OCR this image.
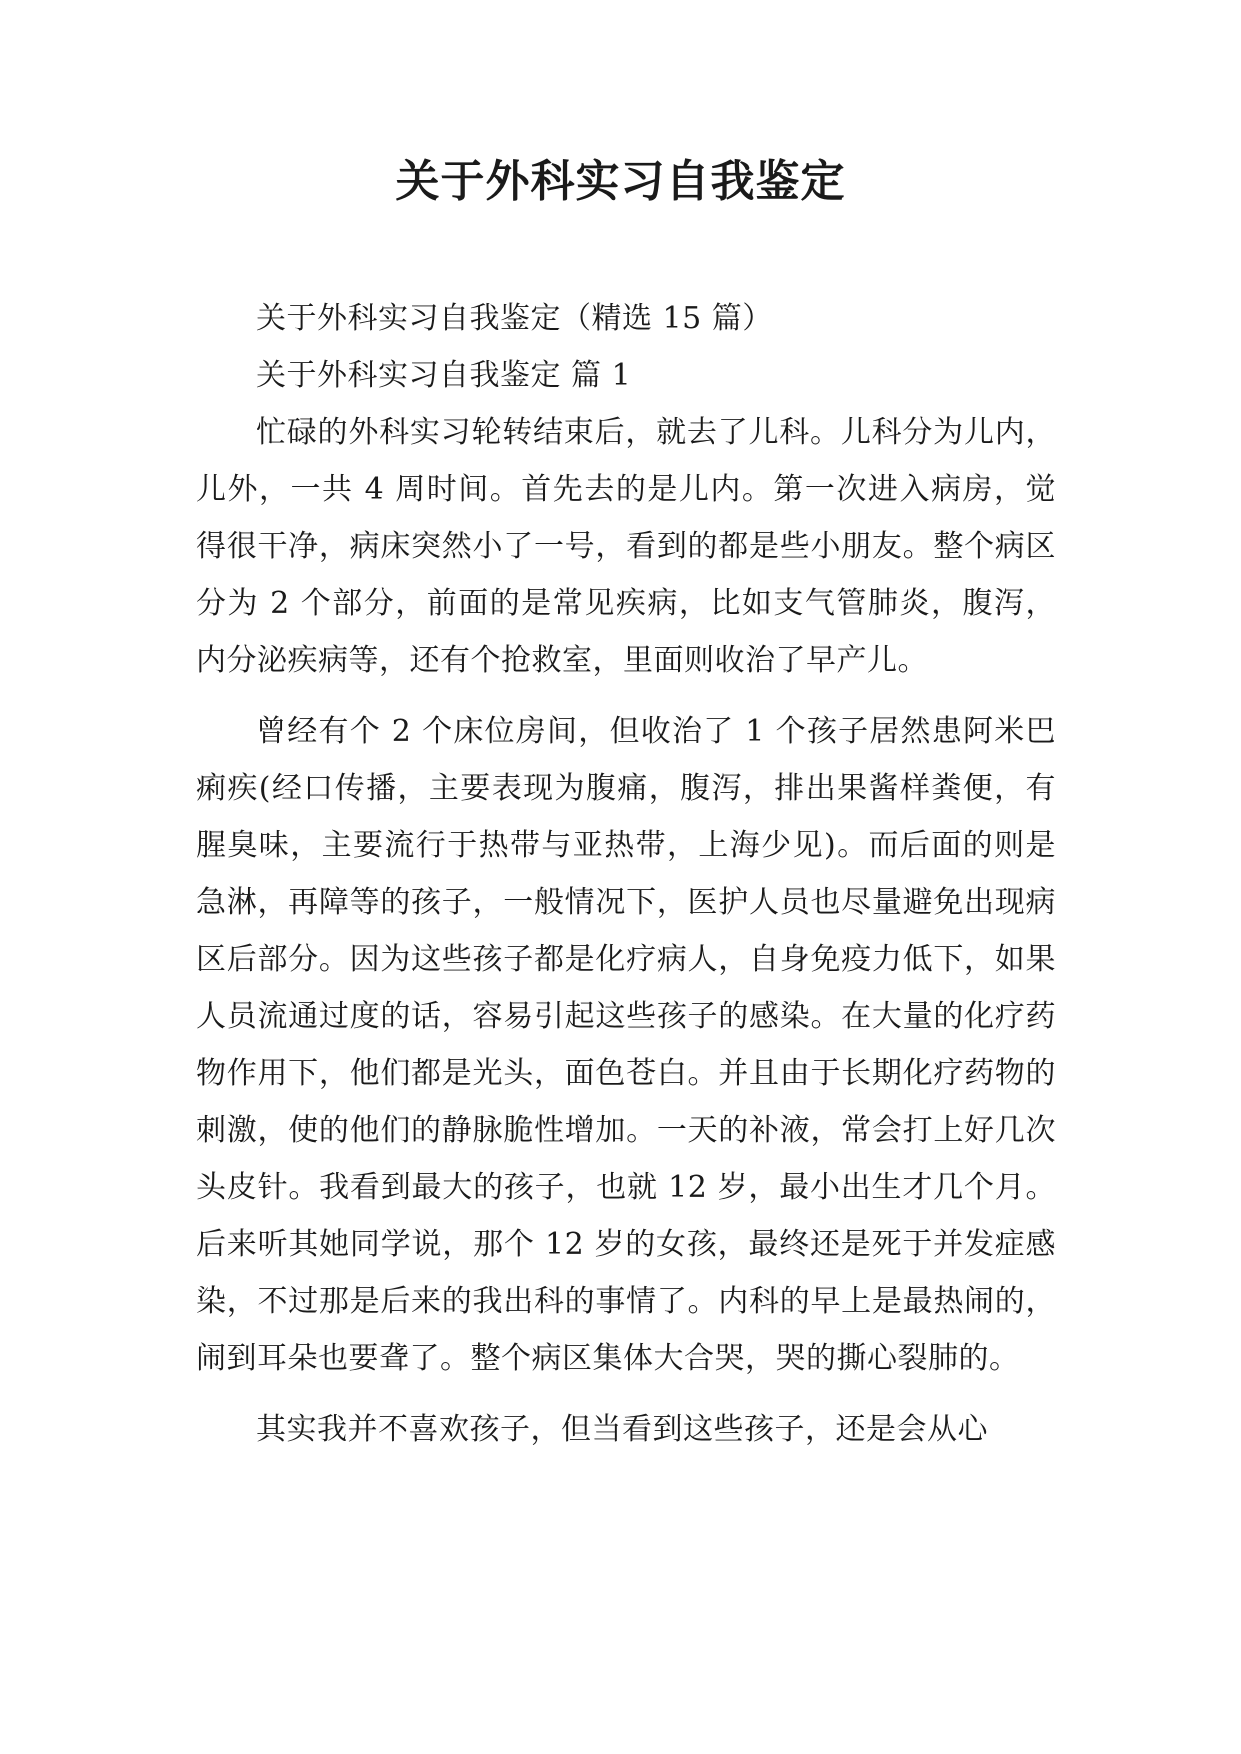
关于外科实习自我鉴定

关于外科实习自我鉴定（精选 15 篇）

关于外科实习自我鉴定 篇 1

忙碌的外科实习轮转结束后，就去了儿科。儿科分为儿内，儿外，一共 4 周时间。首先去的是儿内。第一次进入病房，觉得很干净，病床突然小了一号，看到的都是些小朋友。整个病区分为 2 个部分，前面的是常见疾病，比如支气管肺炎，腹泻，内分泌疾病等，还有个抢救室，里面则收治了早产儿。

曾经有个 2 个床位房间，但收治了 1 个孩子居然患阿米巴痢疾(经口传播，主要表现为腹痛，腹泻，排出果酱样粪便，有腥臭味，主要流行于热带与亚热带，上海少见)。而后面的则是急淋，再障等的孩子，一般情况下，医护人员也尽量避免出现病区后部分。因为这些孩子都是化疗病人，自身免疫力低下，如果人员流通过度的话，容易引起这些孩子的感染。在大量的化疗药物作用下，他们都是光头，面色苍白。并且由于长期化疗药物的刺激，使的他们的静脉脆性增加。一天的补液，常会打上好几次头皮针。我看到最大的孩子，也就 12 岁，最小出生才几个月。后来听其她同学说，那个 12 岁的女孩，最终还是死于并发症感染，不过那是后来的我出科的事情了。内科的早上是最热闹的，闹到耳朵也要聋了。整个病区集体大合哭，哭的撕心裂肺的。

其实我并不喜欢孩子，但当看到这些孩子，还是会从心
